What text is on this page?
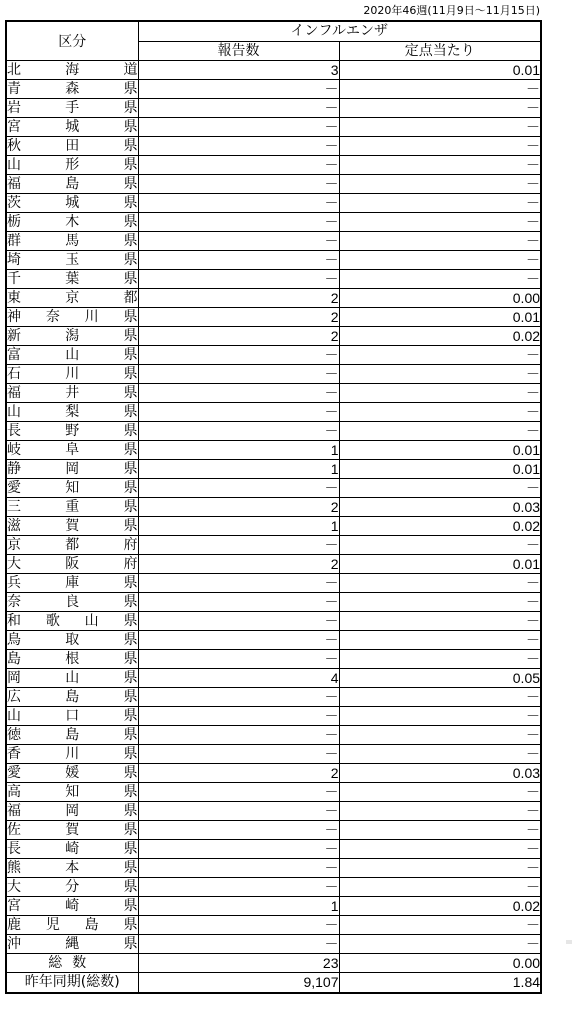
2020年46週(11月9日～11月15日)
区分	インフルエンザ	
	報告数	定点当たり

北 海 道	3	0.01

青 森 県	－	－

岩 手 県	－	－

宮 城 県	－	－

秋 田 県	－	－

山 形 県	－	－

福 島 県	－	－

茨 城 県	－	－

栃 木 県	－	－

群 馬 県	－	－

埼 玉 県	－	－

千 葉 県	－	－

東 京 都	2	0.00

神 奈 川 県	2	0.01

新 潟 県	2	0.02

富 山 県	－	－

石 川 県	－	－

福 井 県	－	－

山 梨 県	－	－

長 野 県	－	－

岐 阜 県	1	0.01

静 岡 県	1	0.01

愛 知 県	－	－

三 重 県	2	0.03

滋 賀 県	1	0.02

京 都 府	－	－

大 阪 府	2	0.01

兵 庫 県	－	－

奈 良 県	－	－

和 歌 山 県	－	－

鳥 取 県	－	－

島 根 県	－	－

岡 山 県	4	0.05

広 島 県	－	－

山 口 県	－	－

徳 島 県	－	－

香 川 県	－	－

愛 媛 県	2	0.03

高 知 県	－	－

福 岡 県	－	－

佐 賀 県	－	－

長 崎 県	－	－

熊 本 県	－	－

大 分 県	－	－

宮 崎 県	1	0.02

鹿 児 島 県	－	－

沖 縄 県	－	－
総数	23	0.00
昨年同期(総数)	9,107	1.84
